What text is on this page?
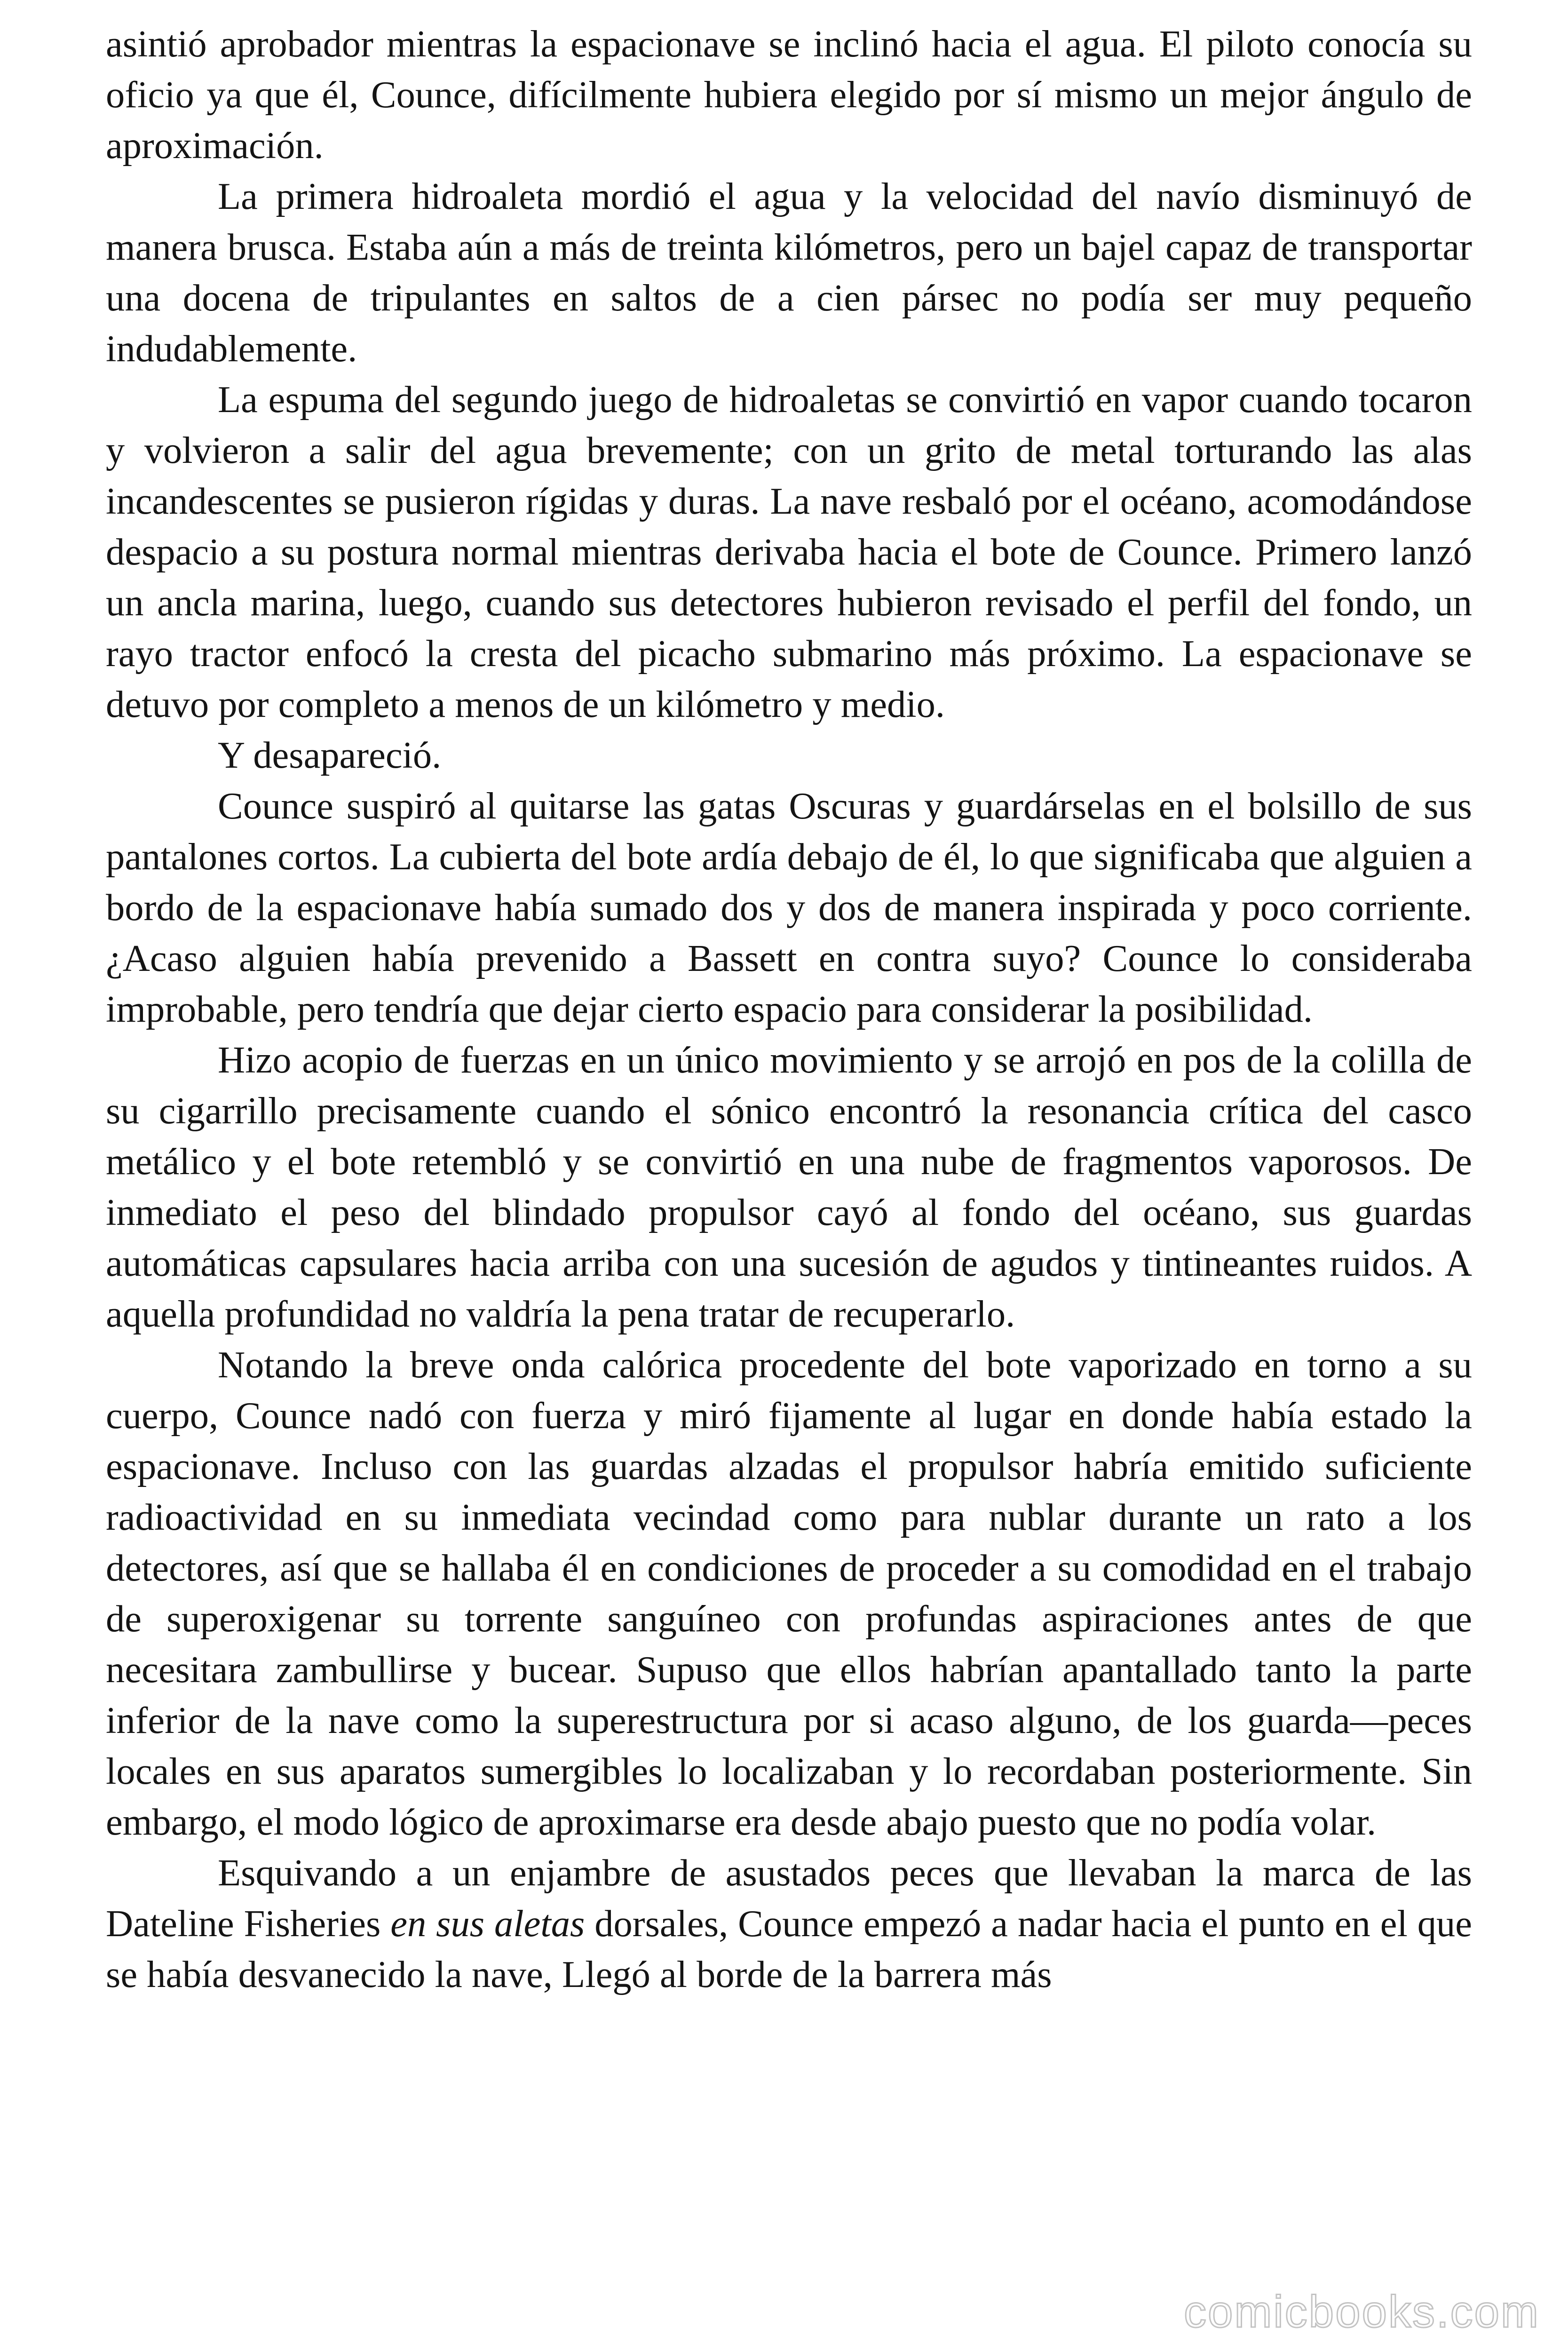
asintió aprobador mientras la espacionave se inclinó hacia el agua. El piloto conocía su oficio ya que él, Counce, difícilmente hubiera elegido por sí mismo un mejor ángulo de aproximación.

La primera hidroaleta mordió el agua y la velocidad del navío disminuyó de manera brusca. Estaba aún a más de treinta kilómetros, pero un bajel capaz de transportar una docena de tripulantes en saltos de a cien pársec no podía ser muy pequeño indudablemente.

La espuma del segundo juego de hidroaletas se convirtió en vapor cuando tocaron y volvieron a salir del agua brevemente; con un grito de metal torturando las alas incandescentes se pusieron rígidas y duras. La nave resbaló por el océano, acomodándose despacio a su postura normal mientras derivaba hacia el bote de Counce. Primero lanzó un ancla marina, luego, cuando sus detectores hubieron revisado el perfil del fondo, un rayo tractor enfocó la cresta del picacho submarino más próximo. La espacionave se detuvo por completo a menos de un kilómetro y medio.

Y desapareció.

Counce suspiró al quitarse las gatas Oscuras y guardárselas en el bolsillo de sus pantalones cortos. La cubierta del bote ardía debajo de él, lo que significaba que alguien a bordo de la espacionave había sumado dos y dos de manera inspirada y poco corriente. ¿Acaso alguien había prevenido a Bassett en contra suyo? Counce lo consideraba improbable, pero tendría que dejar cierto espacio para considerar la posibilidad.

Hizo acopio de fuerzas en un único movimiento y se arrojó en pos de la colilla de su cigarrillo precisamente cuando el sónico encontró la resonancia crítica del casco metálico y el bote retembló y se convirtió en una nube de fragmentos vaporosos. De inmediato el peso del blindado propulsor cayó al fondo del océano, sus guardas automáticas capsulares hacia arriba con una sucesión de agudos y tintineantes ruidos. A aquella profundidad no valdría la pena tratar de recuperarlo.

Notando la breve onda calórica procedente del bote vaporizado en torno a su cuerpo, Counce nadó con fuerza y miró fijamente al lugar en donde había estado la espacionave. Incluso con las guardas alzadas el propulsor habría emitido suficiente radioactividad en su inmediata vecindad como para nublar durante un rato a los detectores, así que se hallaba él en condiciones de proceder a su comodidad en el trabajo de superoxigenar su torrente sanguíneo con profundas aspiraciones antes de que necesitara zambullirse y bucear. Supuso que ellos habrían apantallado tanto la parte inferior de la nave como la superestructura por si acaso alguno, de los guarda—peces locales en sus aparatos sumergibles lo localizaban y lo recordaban posteriormente. Sin embargo, el modo lógico de aproximarse era desde abajo puesto que no podía volar.

Esquivando a un enjambre de asustados peces que llevaban la marca de las Dateline Fisheries en sus aletas dorsales, Counce empezó a nadar hacia el punto en el que se había desvanecido la nave, Llegó al borde de la barrera más

comicbooks.com
